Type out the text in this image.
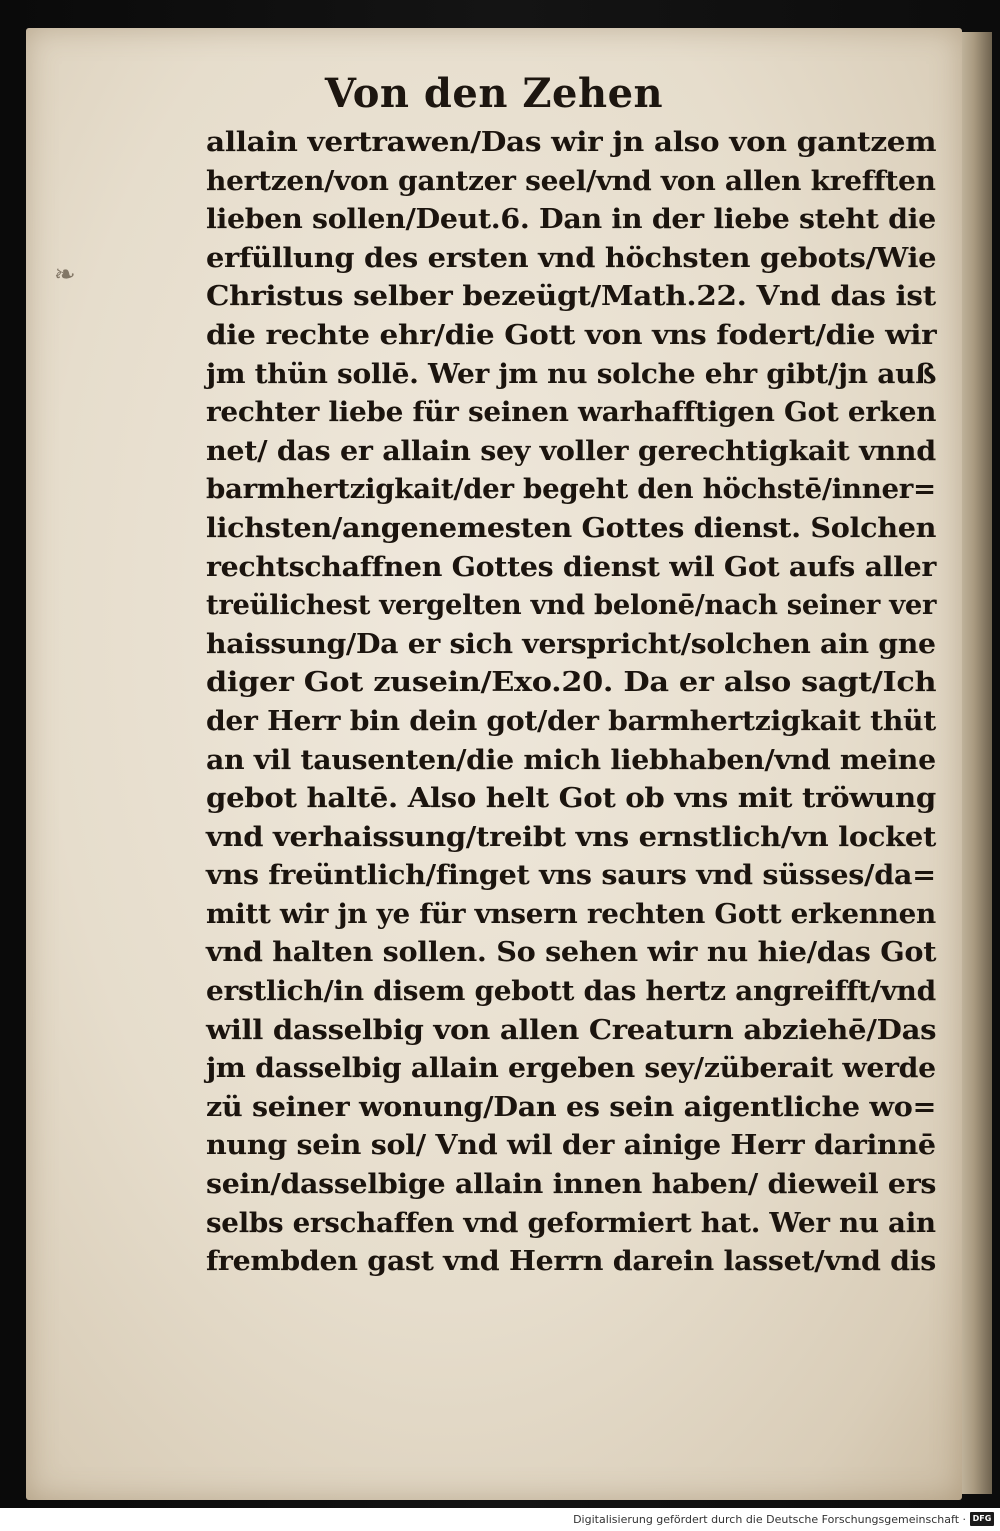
❧
Von den Zehen
allain vertrawen/Das wir jn also von gantzem
hertzen/von gantzer seel/vnd von allen krefften
lieben sollen/Deut.6. Dan in der liebe steht die
erfüllung des ersten vnd höchsten gebots/Wie
Christus selber bezeügt/Math.22. Vnd das ist
die rechte ehr/die Gott von vns fodert/die wir
jm thün sollē. Wer jm nu solche ehr gibt/jn auß
rechter liebe für seinen warhafftigen Got erken
net/ das er allain sey voller gerechtigkait vnnd
barmhertzigkait/der begeht den höchstē/inner=
lichsten/angenemesten Gottes dienst. Solchen
rechtschaffnen Gottes dienst wil Got aufs aller
treülichest vergelten vnd belonē/nach seiner ver
haissung/Da er sich verspricht/solchen ain gne
diger Got zusein/Exo.20. Da er also sagt/Ich
der Herr bin dein got/der barmhertzigkait thüt
an vil tausenten/die mich liebhaben/vnd meine
gebot haltē. Also helt Got ob vns mit tröwung
vnd verhaissung/treibt vns ernstlich/vn locket
vns freüntlich/finget vns saurs vnd süsses/da=
mitt wir jn ye für vnsern rechten Gott erkennen
vnd halten sollen. So sehen wir nu hie/das Got
erstlich/in disem gebott das hertz angreifft/vnd
will dasselbig von allen Creaturn abziehē/Das
jm dasselbig allain ergeben sey/züberait werde
zü seiner wonung/Dan es sein aigentliche wo=
nung sein sol/ Vnd wil der ainige Herr darinnē
sein/dasselbige allain innen haben/ dieweil ers
selbs erschaffen vnd geformiert hat. Wer nu ain
frembden gast vnd Herrn darein lasset/vnd dis
Digitalisierung gefördert durch die Deutsche Forschungsgemeinschaft · DFG
